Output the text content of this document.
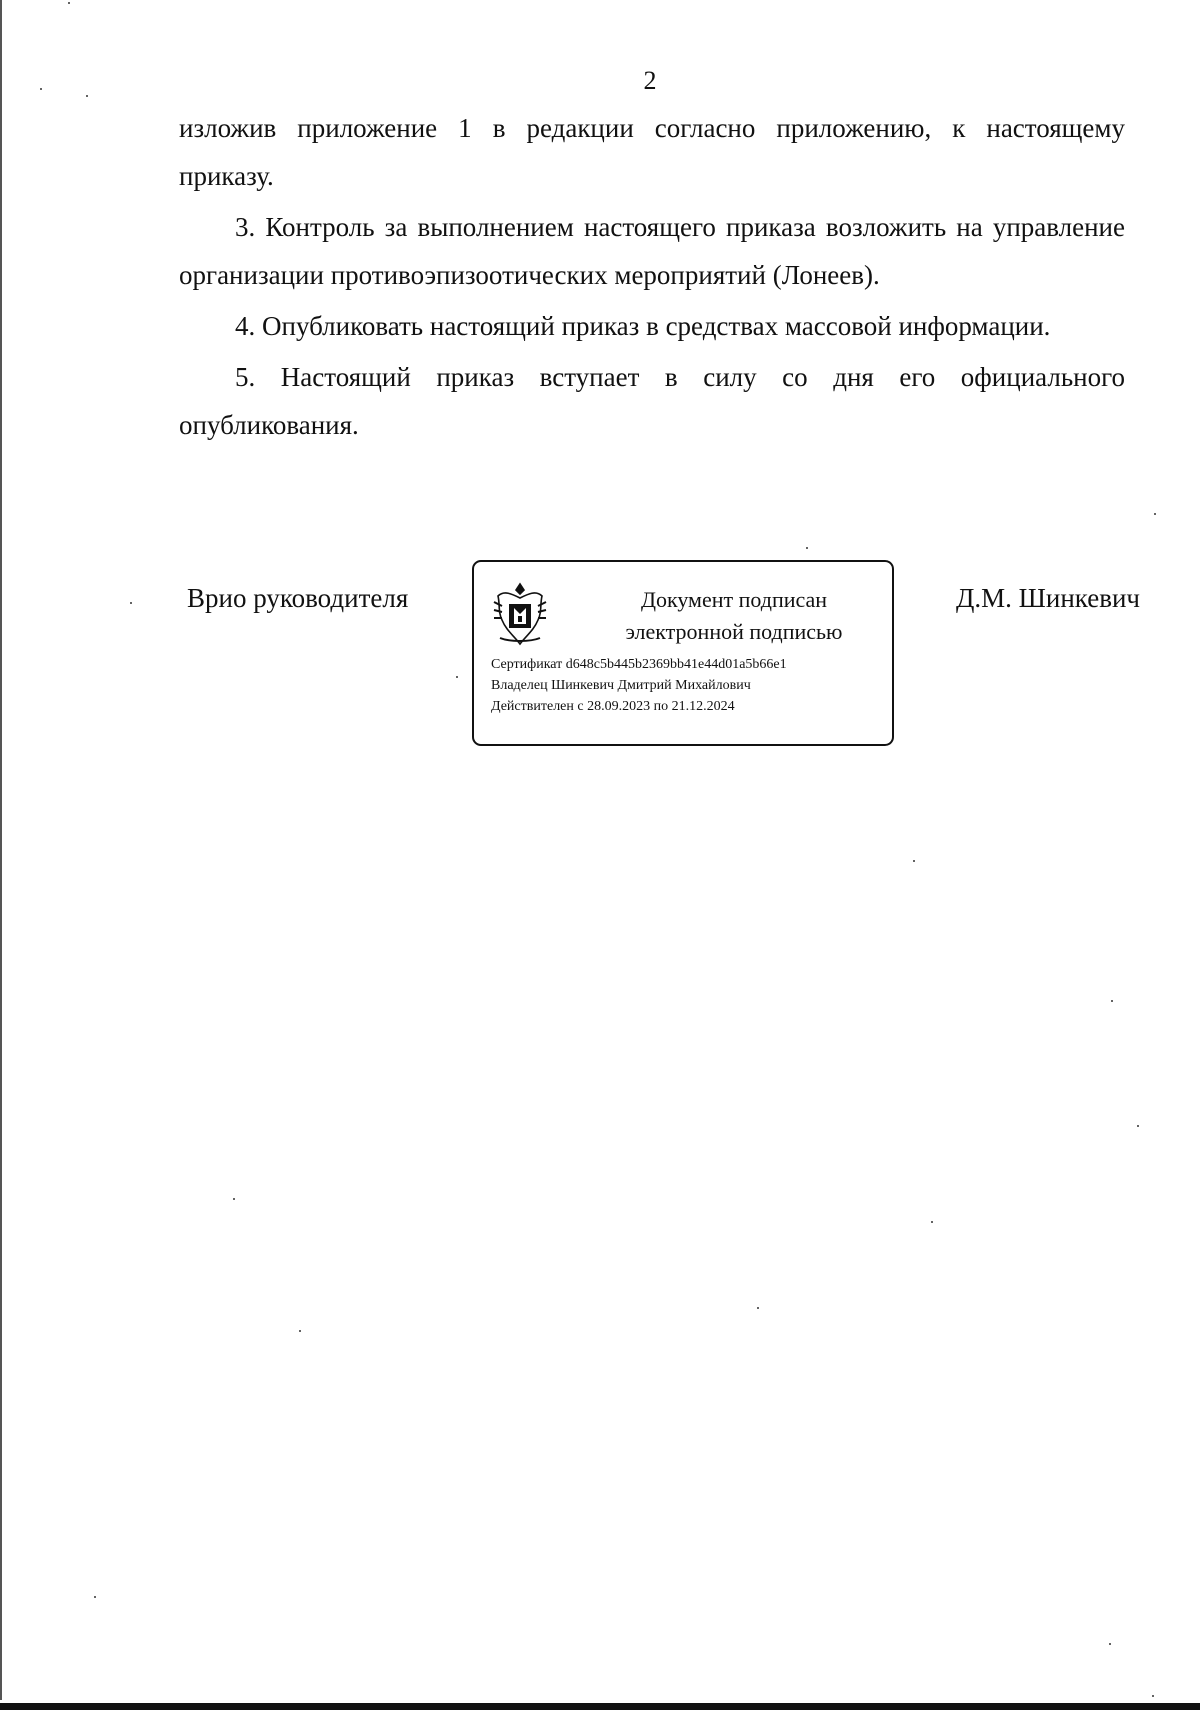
2

изложив приложение 1 в редакции согласно приложению, к настоящему

приказу.

3. Контроль за выполнением настоящего приказа возложить на управление организации противоэпизоотических мероприятий (Лонеев).

4. Опубликовать настоящий приказ в средствах массовой информации.

5. Настоящий приказ вступает в силу со дня его официального опубликования.

Врио руководителя	Документ подписан
электронной подписью
Сертификат d648c5b445b2369bb41e44d01a5b66e1
Владелец Шинкевич Дмитрий Михайлович
Действителен с 28.09.2023 по 21.12.2024
Д.М. Шинкевич
